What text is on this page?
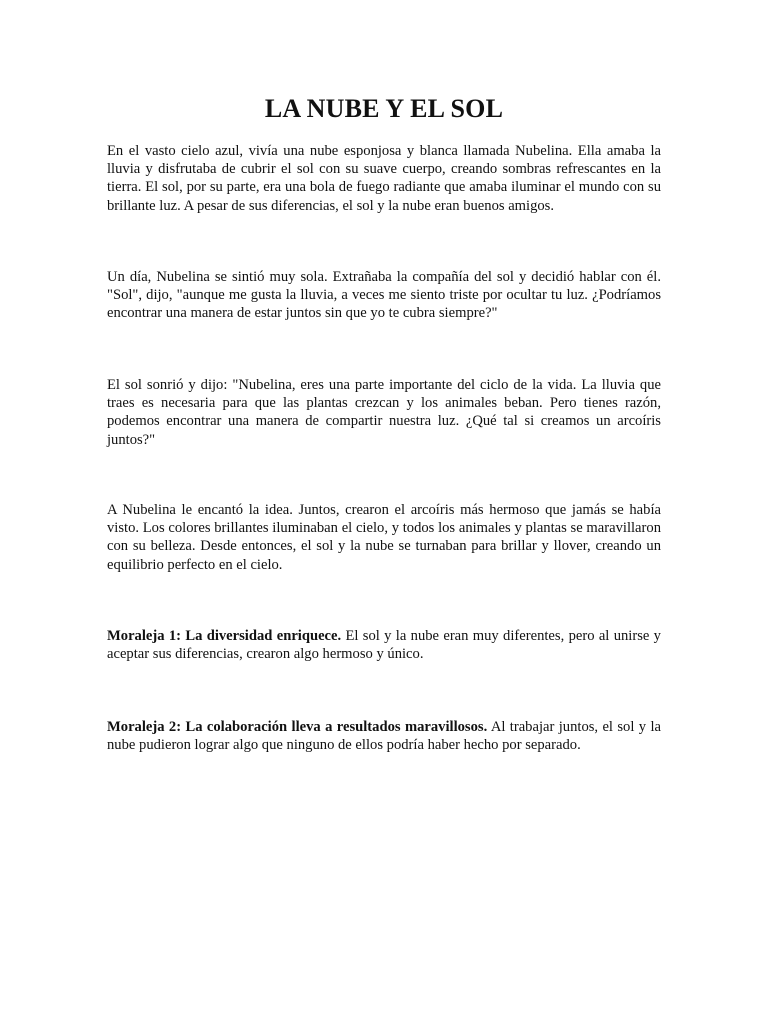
LA NUBE Y EL SOL

En el vasto cielo azul, vivía una nube esponjosa y blanca llamada Nubelina. Ella amaba la lluvia y disfrutaba de cubrir el sol con su suave cuerpo, creando sombras refrescantes en la tierra. El sol, por su parte, era una bola de fuego radiante que amaba iluminar el mundo con su brillante luz. A pesar de sus diferencias, el sol y la nube eran buenos amigos.

Un día, Nubelina se sintió muy sola. Extrañaba la compañía del sol y decidió hablar con él. "Sol", dijo, "aunque me gusta la lluvia, a veces me siento triste por ocultar tu luz. ¿Podríamos encontrar una manera de estar juntos sin que yo te cubra siempre?"

El sol sonrió y dijo: "Nubelina, eres una parte importante del ciclo de la vida. La lluvia que traes es necesaria para que las plantas crezcan y los animales beban. Pero tienes razón, podemos encontrar una manera de compartir nuestra luz. ¿Qué tal si creamos un arcoíris juntos?"

A Nubelina le encantó la idea. Juntos, crearon el arcoíris más hermoso que jamás se había visto. Los colores brillantes iluminaban el cielo, y todos los animales y plantas se maravillaron con su belleza. Desde entonces, el sol y la nube se turnaban para brillar y llover, creando un equilibrio perfecto en el cielo.

Moraleja 1: La diversidad enriquece. El sol y la nube eran muy diferentes, pero al unirse y aceptar sus diferencias, crearon algo hermoso y único.

Moraleja 2: La colaboración lleva a resultados maravillosos. Al trabajar juntos, el sol y la nube pudieron lograr algo que ninguno de ellos podría haber hecho por separado.
